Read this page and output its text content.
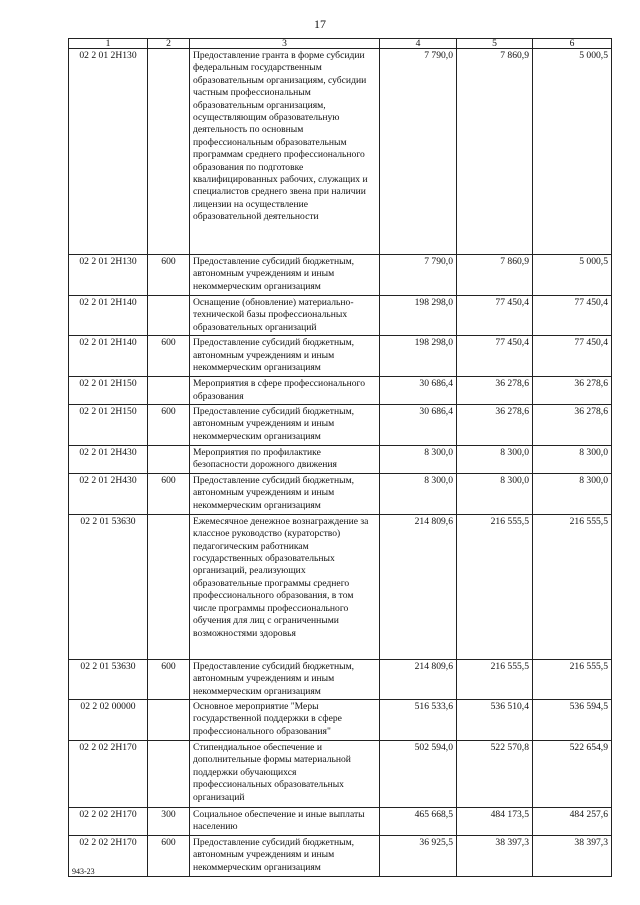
17
1	2	3	4	5	6
02 2 01 2Н130		Предоставление гранта в форме субсидии федеральным государственным образовательным организациям, субсидии частным профессиональным образовательным организациям, осуществляющим образовательную деятельность по основным профессиональным образовательным программам среднего профессионального образования по подготовке квалифицированных рабочих, служащих и специалистов среднего звена при наличии лицензии на осуществление образовательной деятельности	7 790,0	7 860,9	5 000,5
02 2 01 2Н130	600	Предоставление субсидий бюджетным, автономным учреждениям и иным некоммерческим организациям	7 790,0	7 860,9	5 000,5
02 2 01 2Н140		Оснащение (обновление) материально-технической базы профессиональных образовательных организаций	198 298,0	77 450,4	77 450,4
02 2 01 2Н140	600	Предоставление субсидий бюджетным, автономным учреждениям и иным некоммерческим организациям	198 298,0	77 450,4	77 450,4
02 2 01 2Н150		Мероприятия в сфере профессионального образования	30 686,4	36 278,6	36 278,6
02 2 01 2Н150	600	Предоставление субсидий бюджетным, автономным учреждениям и иным некоммерческим организациям	30 686,4	36 278,6	36 278,6
02 2 01 2Н430		Мероприятия по профилактике безопасности дорожного движения	8 300,0	8 300,0	8 300,0
02 2 01 2Н430	600	Предоставление субсидий бюджетным, автономным учреждениям и иным некоммерческим организациям	8 300,0	8 300,0	8 300,0
02 2 01 53630		Ежемесячное денежное вознаграждение за классное руководство (кураторство) педагогическим работникам государственных образовательных организаций, реализующих образовательные программы среднего профессионального образования, в том числе программы профессионального обучения для лиц с ограниченными возможностями здоровья	214 809,6	216 555,5	216 555,5
02 2 01 53630	600	Предоставление субсидий бюджетным, автономным учреждениям и иным некоммерческим организациям	214 809,6	216 555,5	216 555,5
02 2 02 00000		Основное мероприятие "Меры государственной поддержки в сфере профессионального образования"	516 533,6	536 510,4	536 594,5
02 2 02 2Н170		Стипендиальное обеспечение и дополнительные формы материальной поддержки обучающихся профессиональных образовательных организаций	502 594,0	522 570,8	522 654,9
02 2 02 2Н170	300	Социальное обеспечение и иные выплаты населению	465 668,5	484 173,5	484 257,6
02 2 02 2Н170	600	Предоставление субсидий бюджетным, автономным учреждениям и иным некоммерческим организациям	36 925,5	38 397,3	38 397,3
943-23
